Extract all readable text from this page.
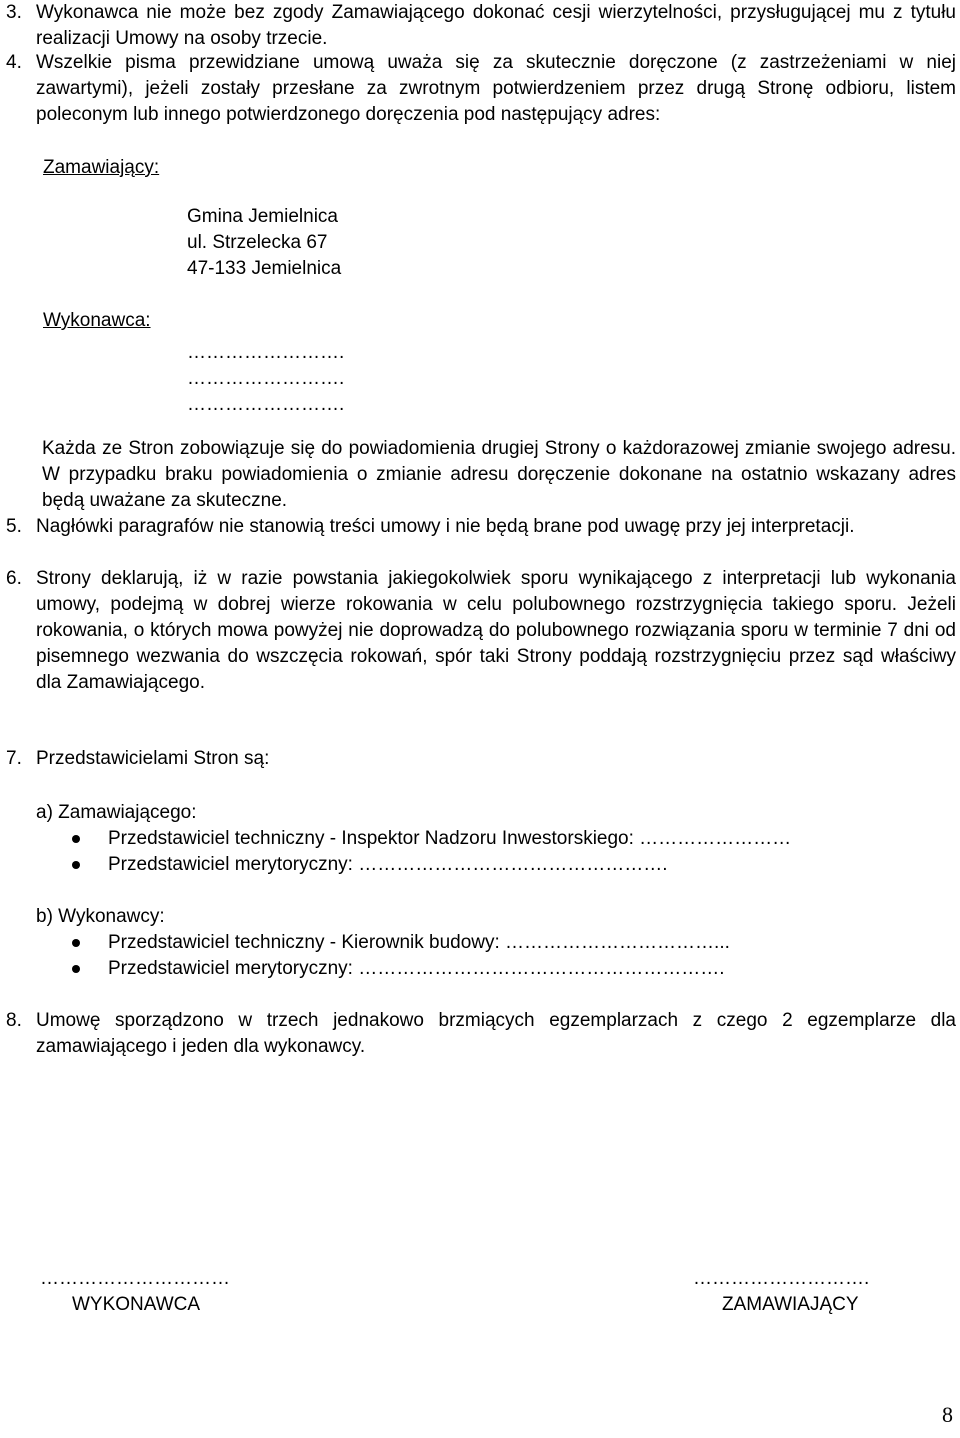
3. Wykonawca nie może bez zgody Zamawiającego dokonać cesji wierzytelności, przysługującej mu z tytułu realizacji Umowy na osoby trzecie.
4. Wszelkie pisma przewidziane umową uważa się za skutecznie doręczone (z zastrzeżeniami w niej zawartymi), jeżeli zostały przesłane za zwrotnym potwierdzeniem przez drugą Stronę odbioru, listem poleconym lub innego potwierdzonego doręczenia pod następujący adres:
Zamawiający:
Gmina Jemielnica
ul. Strzelecka 67
47-133 Jemielnica
Wykonawca:
…………………….
…………………….
…………………….
Każda ze Stron zobowiązuje się do powiadomienia drugiej Strony o każdorazowej zmianie swojego adresu. W przypadku braku powiadomienia o zmianie adresu doręczenie dokonane na ostatnio wskazany adres będą uważane za skuteczne.
5. Nagłówki paragrafów nie stanowią treści umowy i nie będą brane pod uwagę przy jej interpretacji.
6. Strony deklarują, iż w razie powstania jakiegokolwiek sporu wynikającego z interpretacji lub wykonania umowy, podejmą w dobrej wierze rokowania w celu polubownego rozstrzygnięcia takiego sporu. Jeżeli rokowania, o których mowa powyżej nie doprowadzą do polubownego rozwiązania sporu w terminie 7 dni od pisemnego wezwania do wszczęcia rokowań, spór taki Strony poddają rozstrzygnięciu przez sąd właściwy dla Zamawiającego.
7. Przedstawicielami Stron są:
a) Zamawiającego:
Przedstawiciel techniczny - Inspektor Nadzoru Inwestorskiego: ……………………
Przedstawiciel merytoryczny: ………………………………………….
b) Wykonawcy:
Przedstawiciel techniczny - Kierownik budowy: ……………………………...
Przedstawiciel merytoryczny: ………………………………………………….
8. Umowę sporządzono w trzech jednakowo brzmiących egzemplarzach z czego 2 egzemplarze dla zamawiającego i jeden dla wykonawcy.
…………………………
WYKONAWCA
……………………….
ZAMAWIAJĄCY
8
